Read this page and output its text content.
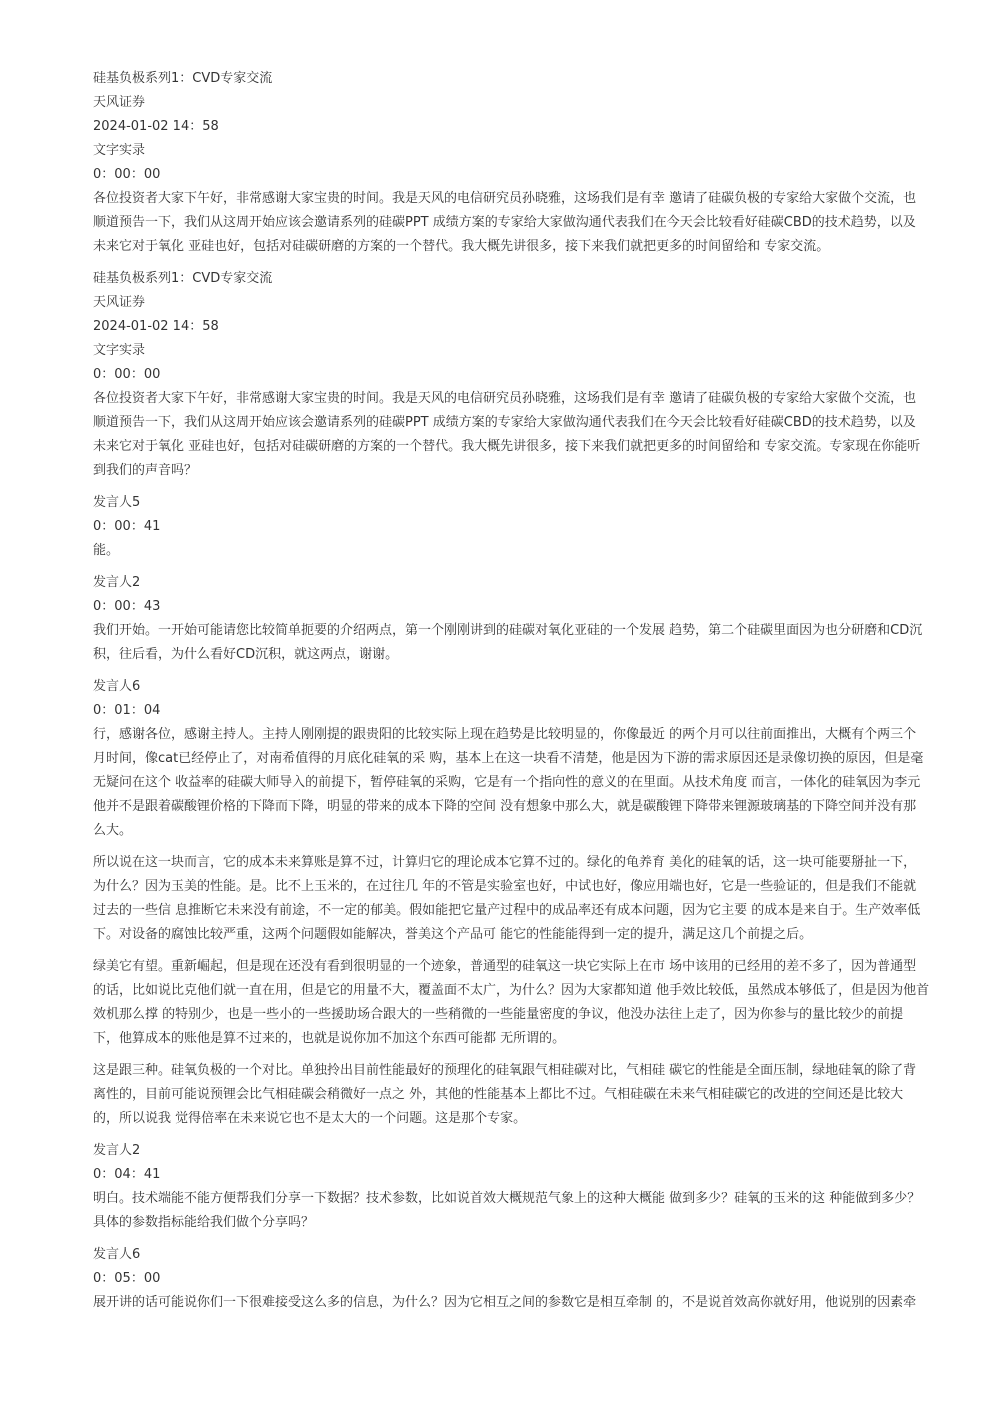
硅基负极系列1：CVD专家交流
天风证券
2024-01-02 14：58
文字实录
0：00：00
各位投资者大家下午好，非常感谢大家宝贵的时间。我是天风的电信研究员孙晓雅，这场我们是有幸 邀请了硅碳负极的专家给大家做个交流，也
顺道预告一下，我们从这周开始应该会邀请系列的硅碳PPT 成绩方案的专家给大家做沟通代表我们在今天会比较看好硅碳CBD的技术趋势，以及
未来它对于氧化 亚硅也好，包括对硅碳研磨的方案的一个替代。我大概先讲很多，接下来我们就把更多的时间留给和 专家交流。
硅基负极系列1：CVD专家交流
天风证券
2024-01-02 14：58
文字实录
0：00：00
各位投资者大家下午好，非常感谢大家宝贵的时间。我是天风的电信研究员孙晓雅，这场我们是有幸 邀请了硅碳负极的专家给大家做个交流，也
顺道预告一下，我们从这周开始应该会邀请系列的硅碳PPT 成绩方案的专家给大家做沟通代表我们在今天会比较看好硅碳CBD的技术趋势，以及
未来它对于氧化 亚硅也好，包括对硅碳研磨的方案的一个替代。我大概先讲很多，接下来我们就把更多的时间留给和 专家交流。专家现在你能听
到我们的声音吗？
发言人5
0：00：41
能。
发言人2
0：00：43
我们开始。一开始可能请您比较简单扼要的介绍两点，第一个刚刚讲到的硅碳对氧化亚硅的一个发展 趋势，第二个硅碳里面因为也分研磨和CD沉
积，往后看，为什么看好CD沉积，就这两点，谢谢。
发言人6
0：01：04
行，感谢各位，感谢主持人。主持人刚刚提的跟贵阳的比较实际上现在趋势是比较明显的，你像最近 的两个月可以往前面推出，大概有个两三个
月时间，像cat已经停止了，对南希值得的月底化硅氧的采 购，基本上在这一块看不清楚，他是因为下游的需求原因还是录像切换的原因，但是毫
无疑问在这个 收益率的硅碳大师导入的前提下，暂停硅氧的采购，它是有一个指向性的意义的在里面。从技术角度 而言，一体化的硅氧因为李元
他并不是跟着碳酸锂价格的下降而下降，明显的带来的成本下降的空间 没有想象中那么大，就是碳酸锂下降带来锂源玻璃基的下降空间并没有那
么大。
所以说在这一块而言，它的成本未来算账是算不过，计算归它的理论成本它算不过的。绿化的龟养育 美化的硅氧的话，这一块可能要掰扯一下，
为什么？因为玉美的性能。是。比不上玉米的，在过往几 年的不管是实验室也好，中试也好，像应用端也好，它是一些验证的，但是我们不能就
过去的一些信 息推断它未来没有前途，不一定的郁美。假如能把它量产过程中的成品率还有成本问题，因为它主要 的成本是来自于。生产效率低
下。对设备的腐蚀比较严重，这两个问题假如能解决，誉美这个产品可 能它的性能能得到一定的提升，满足这几个前提之后。
绿美它有望。重新崛起，但是现在还没有看到很明显的一个迹象，普通型的硅氧这一块它实际上在市 场中该用的已经用的差不多了，因为普通型
的话，比如说比克他们就一直在用，但是它的用量不大，覆盖面不太广，为什么？因为大家都知道 他手效比较低，虽然成本够低了，但是因为他首
效机那么撑 的特别少，也是一些小的一些援助场合跟大的一些稍微的一些能量密度的争议，他没办法往上走了，因为你参与的量比较少的前提
下，他算成本的账他是算不过来的，也就是说你加不加这个东西可能都 无所谓的。
这是跟三种。硅氧负极的一个对比。单独拎出目前性能最好的预理化的硅氧跟气相硅碳对比，气相硅 碳它的性能是全面压制，绿地硅氧的除了背
离性的，目前可能说预锂会比气相硅碳会稍微好一点之 外，其他的性能基本上都比不过。气相硅碳在未来气相硅碳它的改进的空间还是比较大
的，所以说我 觉得倍率在未来说它也不是太大的一个问题。这是那个专家。
发言人2
0：04：41
明白。技术端能不能方便帮我们分享一下数据？技术参数，比如说首效大概规范气象上的这种大概能 做到多少？硅氧的玉米的这 种能做到多少？
具体的参数指标能给我们做个分享吗？
发言人6
0：05：00
展开讲的话可能说你们一下很难接受这么多的信息，为什么？因为它相互之间的参数它是相互牵制 的，不是说首效高你就好用，他说别的因素牵
